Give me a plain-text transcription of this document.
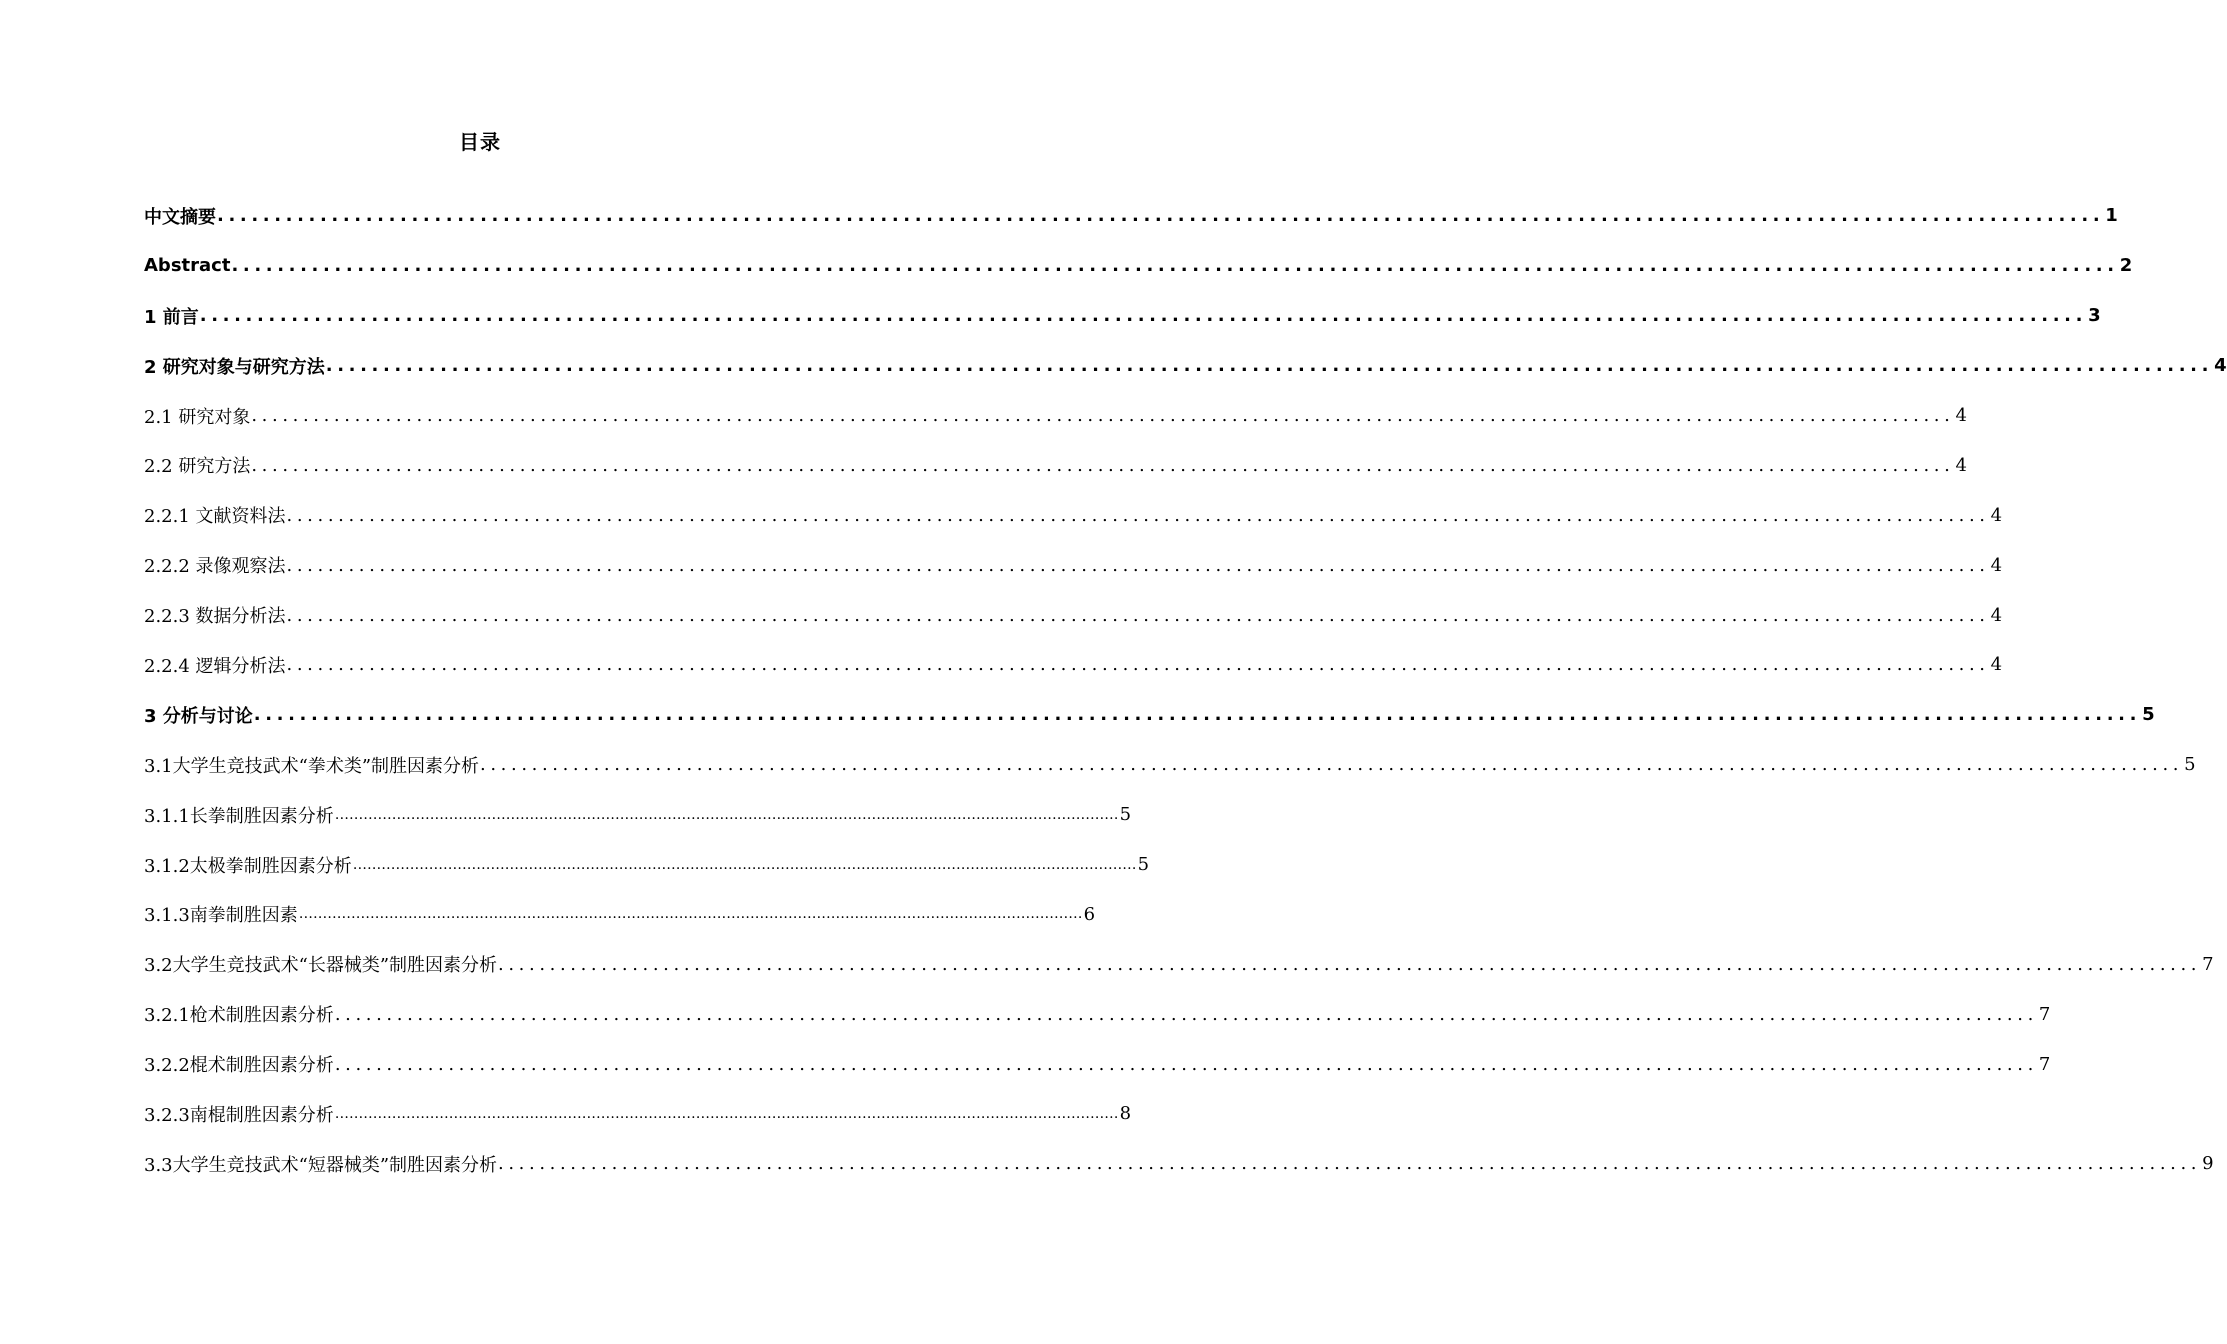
目录
中文摘要 ..................................................................................................................................................................... 1
Abstract ..................................................................................................................................................................... 2
1 前言 ..................................................................................................................................................................... 3
2 研究对象与研究方法 ..................................................................................................................................................................... 4
2.1 研究对象 ..................................................................................................................................................................... 4
2.2 研究方法 ..................................................................................................................................................................... 4
2.2.1 文献资料法 ..................................................................................................................................................................... 4
2.2.2 录像观察法 ..................................................................................................................................................................... 4
2.2.3 数据分析法 ..................................................................................................................................................................... 4
2.2.4 逻辑分析法 ..................................................................................................................................................................... 4
3 分析与讨论 ..................................................................................................................................................................... 5
3.1大学生竞技武术“拳术类”制胜因素分析 ..................................................................................................................................................................... 5
3.1.1长拳制胜因素分析 ..................................................................................................................................................................... 5
3.1.2太极拳制胜因素分析 ..................................................................................................................................................................... 5
3.1.3南拳制胜因素 ..................................................................................................................................................................... 6
3.2大学生竞技武术“长器械类”制胜因素分析 ..................................................................................................................................................................... 7
3.2.1枪术制胜因素分析 ..................................................................................................................................................................... 7
3.2.2棍术制胜因素分析 ..................................................................................................................................................................... 7
3.2.3南棍制胜因素分析 ..................................................................................................................................................................... 8
3.3大学生竞技武术“短器械类”制胜因素分析 ..................................................................................................................................................................... 9
